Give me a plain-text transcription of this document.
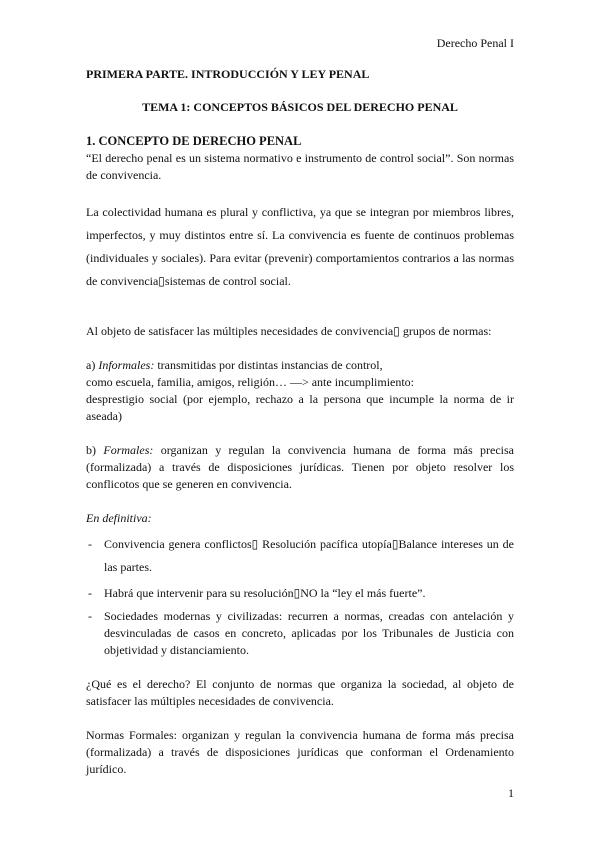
Derecho Penal I
PRIMERA PARTE. INTRODUCCIÓN Y LEY PENAL
TEMA 1: CONCEPTOS BÁSICOS DEL DERECHO PENAL
1. CONCEPTO DE DERECHO PENAL

“El derecho penal es un sistema normativo e instrumento de control social”. Son normas de convivencia.

La colectividad humana es plural y conflictiva, ya que se integran por miembros libres, imperfectos, y muy distintos entre sí. La convivencia es fuente de continuos problemas (individuales y sociales). Para evitar (prevenir) comportamientos contrarios a las normas de convivencia▯sistemas de control social.

Al objeto de satisfacer las múltiples necesidades de convivencia▯ grupos de normas:

a) Informales: transmitidas por distintas instancias de control,
como escuela, familia, amigos, religión… —> ante incumplimiento:
desprestigio social (por ejemplo, rechazo a la persona que incumple la norma de ir aseada)

b) Formales: organizan y regulan la convivencia humana de forma más precisa (formalizada) a través de disposiciones jurídicas. Tienen por objeto resolver los conflicotos que se generen en convivencia.

En definitiva:

- Convivencia genera conflictos▯ Resolución pacífica utopía▯Balance intereses un de las partes.
- Habrá que intervenir para su resolución▯NO la “ley el más fuerte”.
- Sociedades modernas y civilizadas: recurren a normas, creadas con antelación y desvinculadas de casos en concreto, aplicadas por los Tribunales de Justicia con objetividad y distanciamiento.

¿Qué es el derecho? El conjunto de normas que organiza la sociedad, al objeto de satisfacer las múltiples necesidades de convivencia.

Normas Formales: organizan y regulan la convivencia humana de forma más precisa (formalizada) a través de disposiciones jurídicas que conforman el Ordenamiento jurídico.

1
